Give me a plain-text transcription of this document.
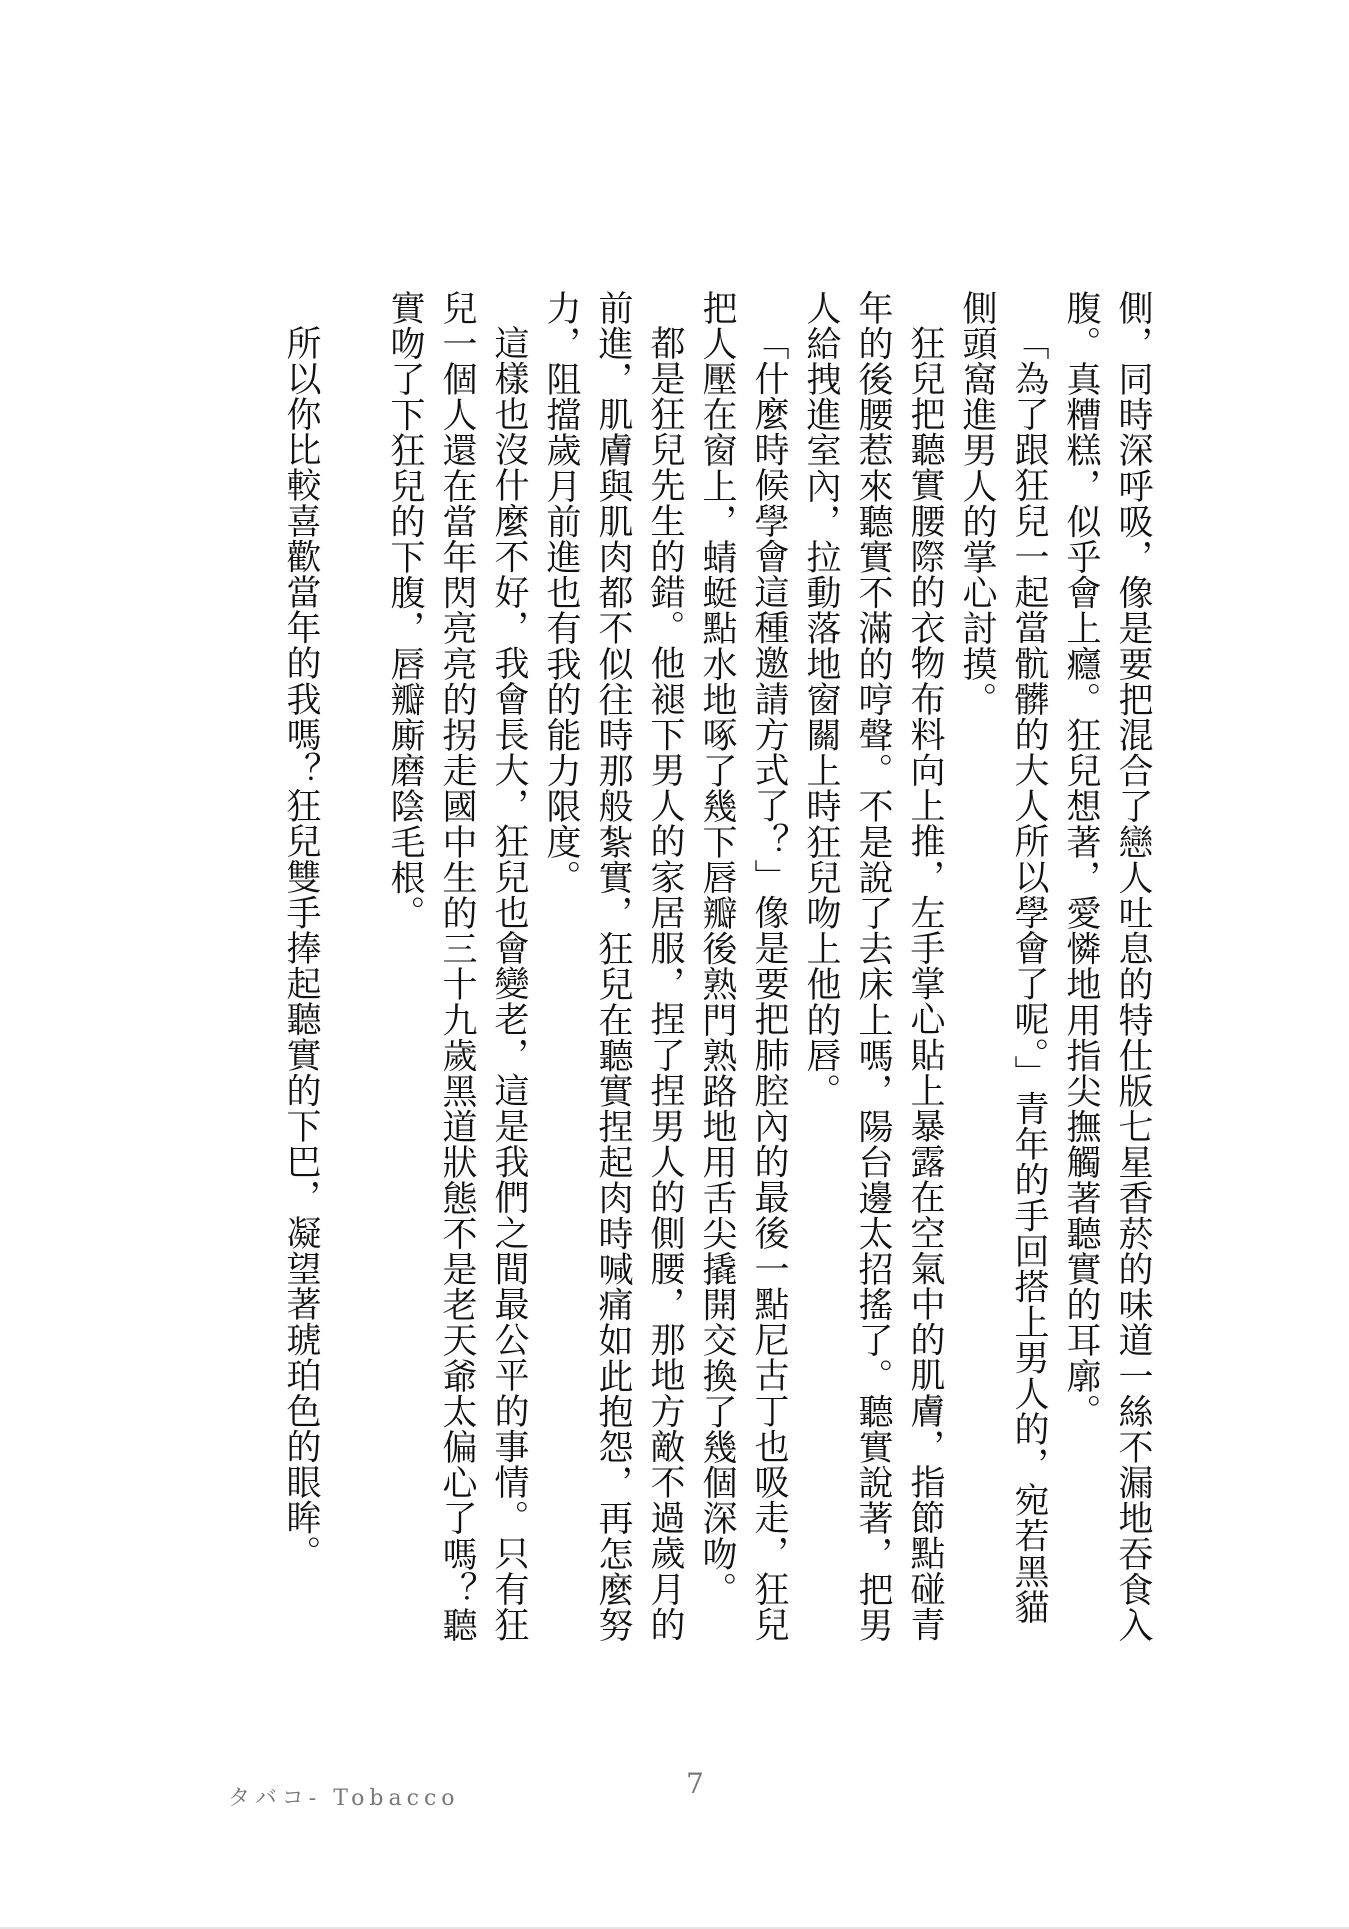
側，同時深呼吸，像是要把混合了戀人吐息的特仕版七星香菸的味道一絲不漏地吞食入腹。真糟糕，似乎會上癮。狂兒想著，愛憐地用指尖撫觸著聽實的耳廓。

「為了跟狂兒一起當骯髒的大人所以學會了呢。」青年的手回搭上男人的，宛若黑貓側頭窩進男人的掌心討摸。

狂兒把聽實腰際的衣物布料向上推，左手掌心貼上暴露在空氣中的肌膚，指節點碰青年的後腰惹來聽實不滿的哼聲。不是說了去床上嗎，陽台邊太招搖了。聽實說著，把男人給拽進室內，拉動落地窗關上時狂兒吻上他的唇。

「什麼時候學會這種邀請方式了？」像是要把肺腔內的最後一點尼古丁也吸走，狂兒把人壓在窗上，蜻蜓點水地啄了幾下唇瓣後熟門熟路地用舌尖撬開交換了幾個深吻。

都是狂兒先生的錯。他褪下男人的家居服，捏了捏男人的側腰，那地方敵不過歲月的前進，肌膚與肌肉都不似往時那般紮實，狂兒在聽實捏起肉時喊痛如此抱怨，再怎麼努力，阻擋歲月前進也有我的能力限度。

這樣也沒什麼不好，我會長大，狂兒也會變老，這是我們之間最公平的事情。只有狂兒一個人還在當年閃亮亮的拐走國中生的三十九歲黑道狀態不是老天爺太偏心了嗎？聽實吻了下狂兒的下腹，唇瓣廝磨陰毛根。

所以你比較喜歡當年的我嗎？狂兒雙手捧起聽實的下巴，凝望著琥珀色的眼眸。

タバコ- Tobacco	7
